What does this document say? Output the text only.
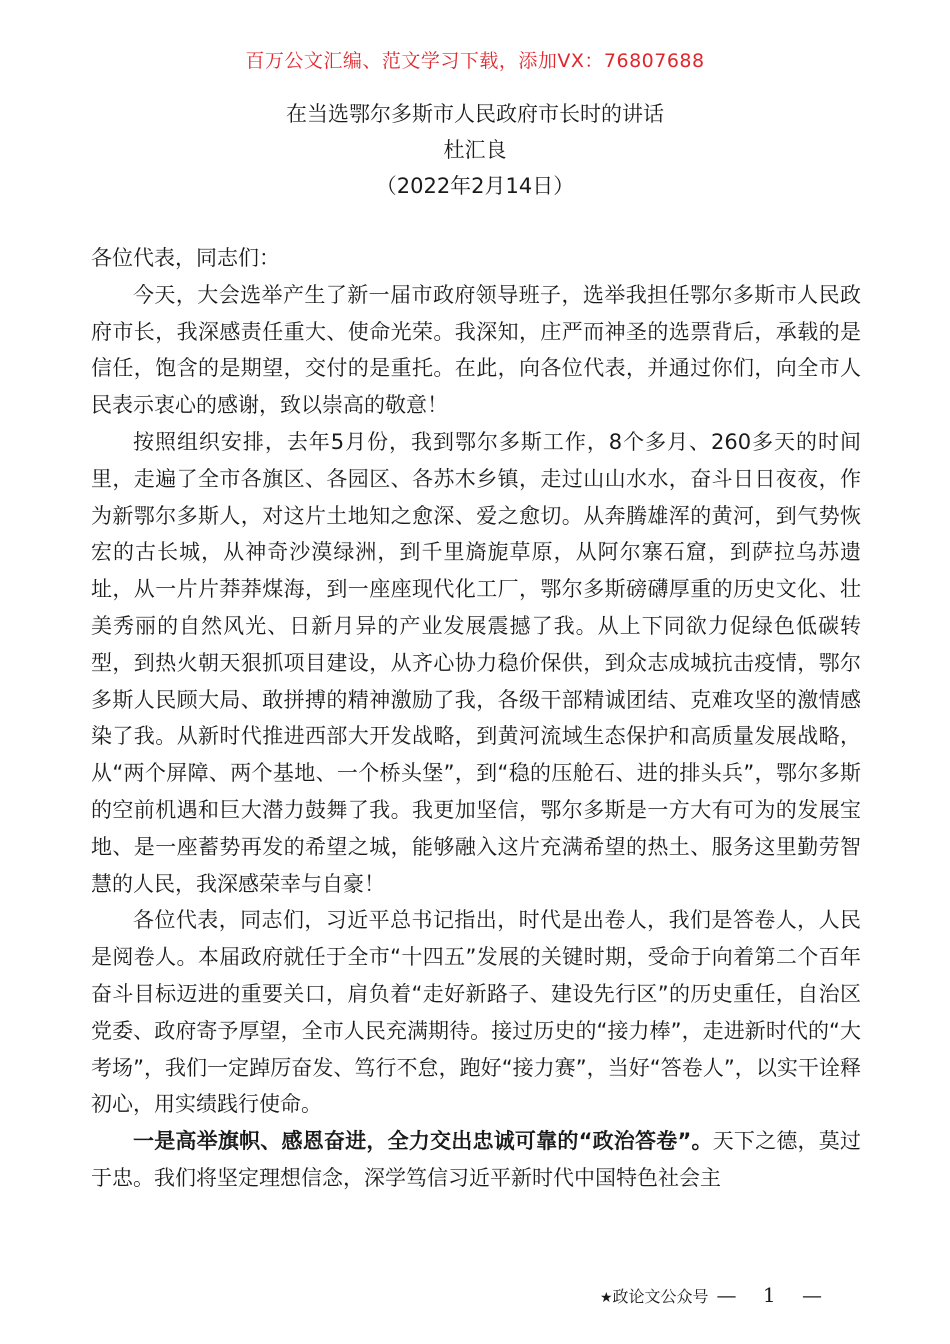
百万公文汇编、范文学习下载，添加VX：76807688
在当选鄂尔多斯市人民政府市长时的讲话
杜汇良
（2022年2月14日）

各位代表，同志们：

今天，大会选举产生了新一届市政府领导班子，选举我担任鄂尔多斯市人民政府市长，我深感责任重大、使命光荣。我深知，庄严而神圣的选票背后，承载的是信任，饱含的是期望，交付的是重托。在此，向各位代表，并通过你们，向全市人民表示衷心的感谢，致以崇高的敬意！

按照组织安排，去年5月份，我到鄂尔多斯工作，8个多月、260多天的时间里，走遍了全市各旗区、各园区、各苏木乡镇，走过山山水水，奋斗日日夜夜，作为新鄂尔多斯人，对这片土地知之愈深、爱之愈切。从奔腾雄浑的黄河，到气势恢宏的古长城，从神奇沙漠绿洲，到千里旖旎草原，从阿尔寨石窟，到萨拉乌苏遗址，从一片片莽莽煤海，到一座座现代化工厂，鄂尔多斯磅礴厚重的历史文化、壮美秀丽的自然风光、日新月异的产业发展震撼了我。从上下同欲力促绿色低碳转型，到热火朝天狠抓项目建设，从齐心协力稳价保供，到众志成城抗击疫情，鄂尔多斯人民顾大局、敢拼搏的精神激励了我，各级干部精诚团结、克难攻坚的激情感染了我。从新时代推进西部大开发战略，到黄河流域生态保护和高质量发展战略，从“两个屏障、两个基地、一个桥头堡”，到“稳的压舱石、进的排头兵”，鄂尔多斯的空前机遇和巨大潜力鼓舞了我。我更加坚信，鄂尔多斯是一方大有可为的发展宝地、是一座蓄势再发的希望之城，能够融入这片充满希望的热土、服务这里勤劳智慧的人民，我深感荣幸与自豪！

各位代表，同志们，习近平总书记指出，时代是出卷人，我们是答卷人，人民是阅卷人。本届政府就任于全市“十四五”发展的关键时期，受命于向着第二个百年奋斗目标迈进的重要关口，肩负着“走好新路子、建设先行区”的历史重任，自治区党委、政府寄予厚望，全市人民充满期待。接过历史的“接力棒”，走进新时代的“大考场”，我们一定踔厉奋发、笃行不怠，跑好“接力赛”，当好“答卷人”，以实干诠释初心，用实绩践行使命。

一是高举旗帜、感恩奋进，全力交出忠诚可靠的“政治答卷”。天下之德，莫过于忠。我们将坚定理想信念，深学笃信习近平新时代中国特色社会主

★政论文公众号 — 1 —
